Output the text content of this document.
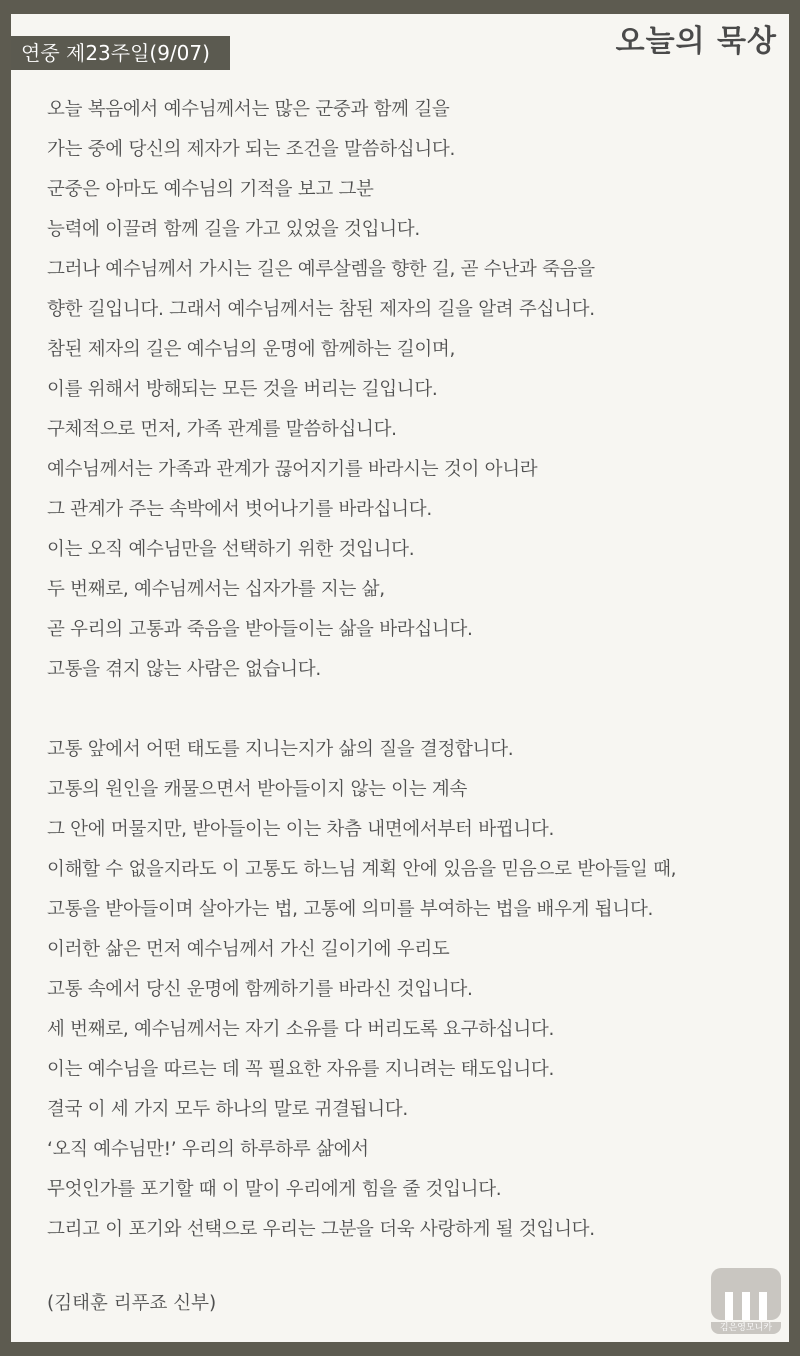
연중 제23주일(9/07)	오늘의 묵상
오늘 복음에서 예수님께서는 많은 군중과 함께 길을
가는 중에 당신의 제자가 되는 조건을 말씀하십니다.
군중은 아마도 예수님의 기적을 보고 그분
능력에 이끌려 함께 길을 가고 있었을 것입니다.
그러나 예수님께서 가시는 길은 예루살렘을 향한 길, 곧 수난과 죽음을
향한 길입니다. 그래서 예수님께서는 참된 제자의 길을 알려 주십니다.
참된 제자의 길은 예수님의 운명에 함께하는 길이며,
이를 위해서 방해되는 모든 것을 버리는 길입니다.
구체적으로 먼저, 가족 관계를 말씀하십니다.
예수님께서는 가족과 관계가 끊어지기를 바라시는 것이 아니라
그 관계가 주는 속박에서 벗어나기를 바라십니다.
이는 오직 예수님만을 선택하기 위한 것입니다.
두 번째로, 예수님께서는 십자가를 지는 삶,
곧 우리의 고통과 죽음을 받아들이는 삶을 바라십니다.
고통을 겪지 않는 사람은 없습니다.
고통 앞에서 어떤 태도를 지니는지가 삶의 질을 결정합니다.
고통의 원인을 캐물으면서 받아들이지 않는 이는 계속
그 안에 머물지만, 받아들이는 이는 차츰 내면에서부터 바뀝니다.
이해할 수 없을지라도 이 고통도 하느님 계획 안에 있음을 믿음으로 받아들일 때,
고통을 받아들이며 살아가는 법, 고통에 의미를 부여하는 법을 배우게 됩니다.
이러한 삶은 먼저 예수님께서 가신 길이기에 우리도
고통 속에서 당신 운명에 함께하기를 바라신 것입니다.
세 번째로, 예수님께서는 자기 소유를 다 버리도록 요구하십니다.
이는 예수님을 따르는 데 꼭 필요한 자유를 지니려는 태도입니다.
결국 이 세 가지 모두 하나의 말로 귀결됩니다.
‘오직 예수님만!’ 우리의 하루하루 삶에서
무엇인가를 포기할 때 이 말이 우리에게 힘을 줄 것입니다.
그리고 이 포기와 선택으로 우리는 그분을 더욱 사랑하게 될 것입니다.
(김태훈 리푸죠 신부)
김은영모니카
